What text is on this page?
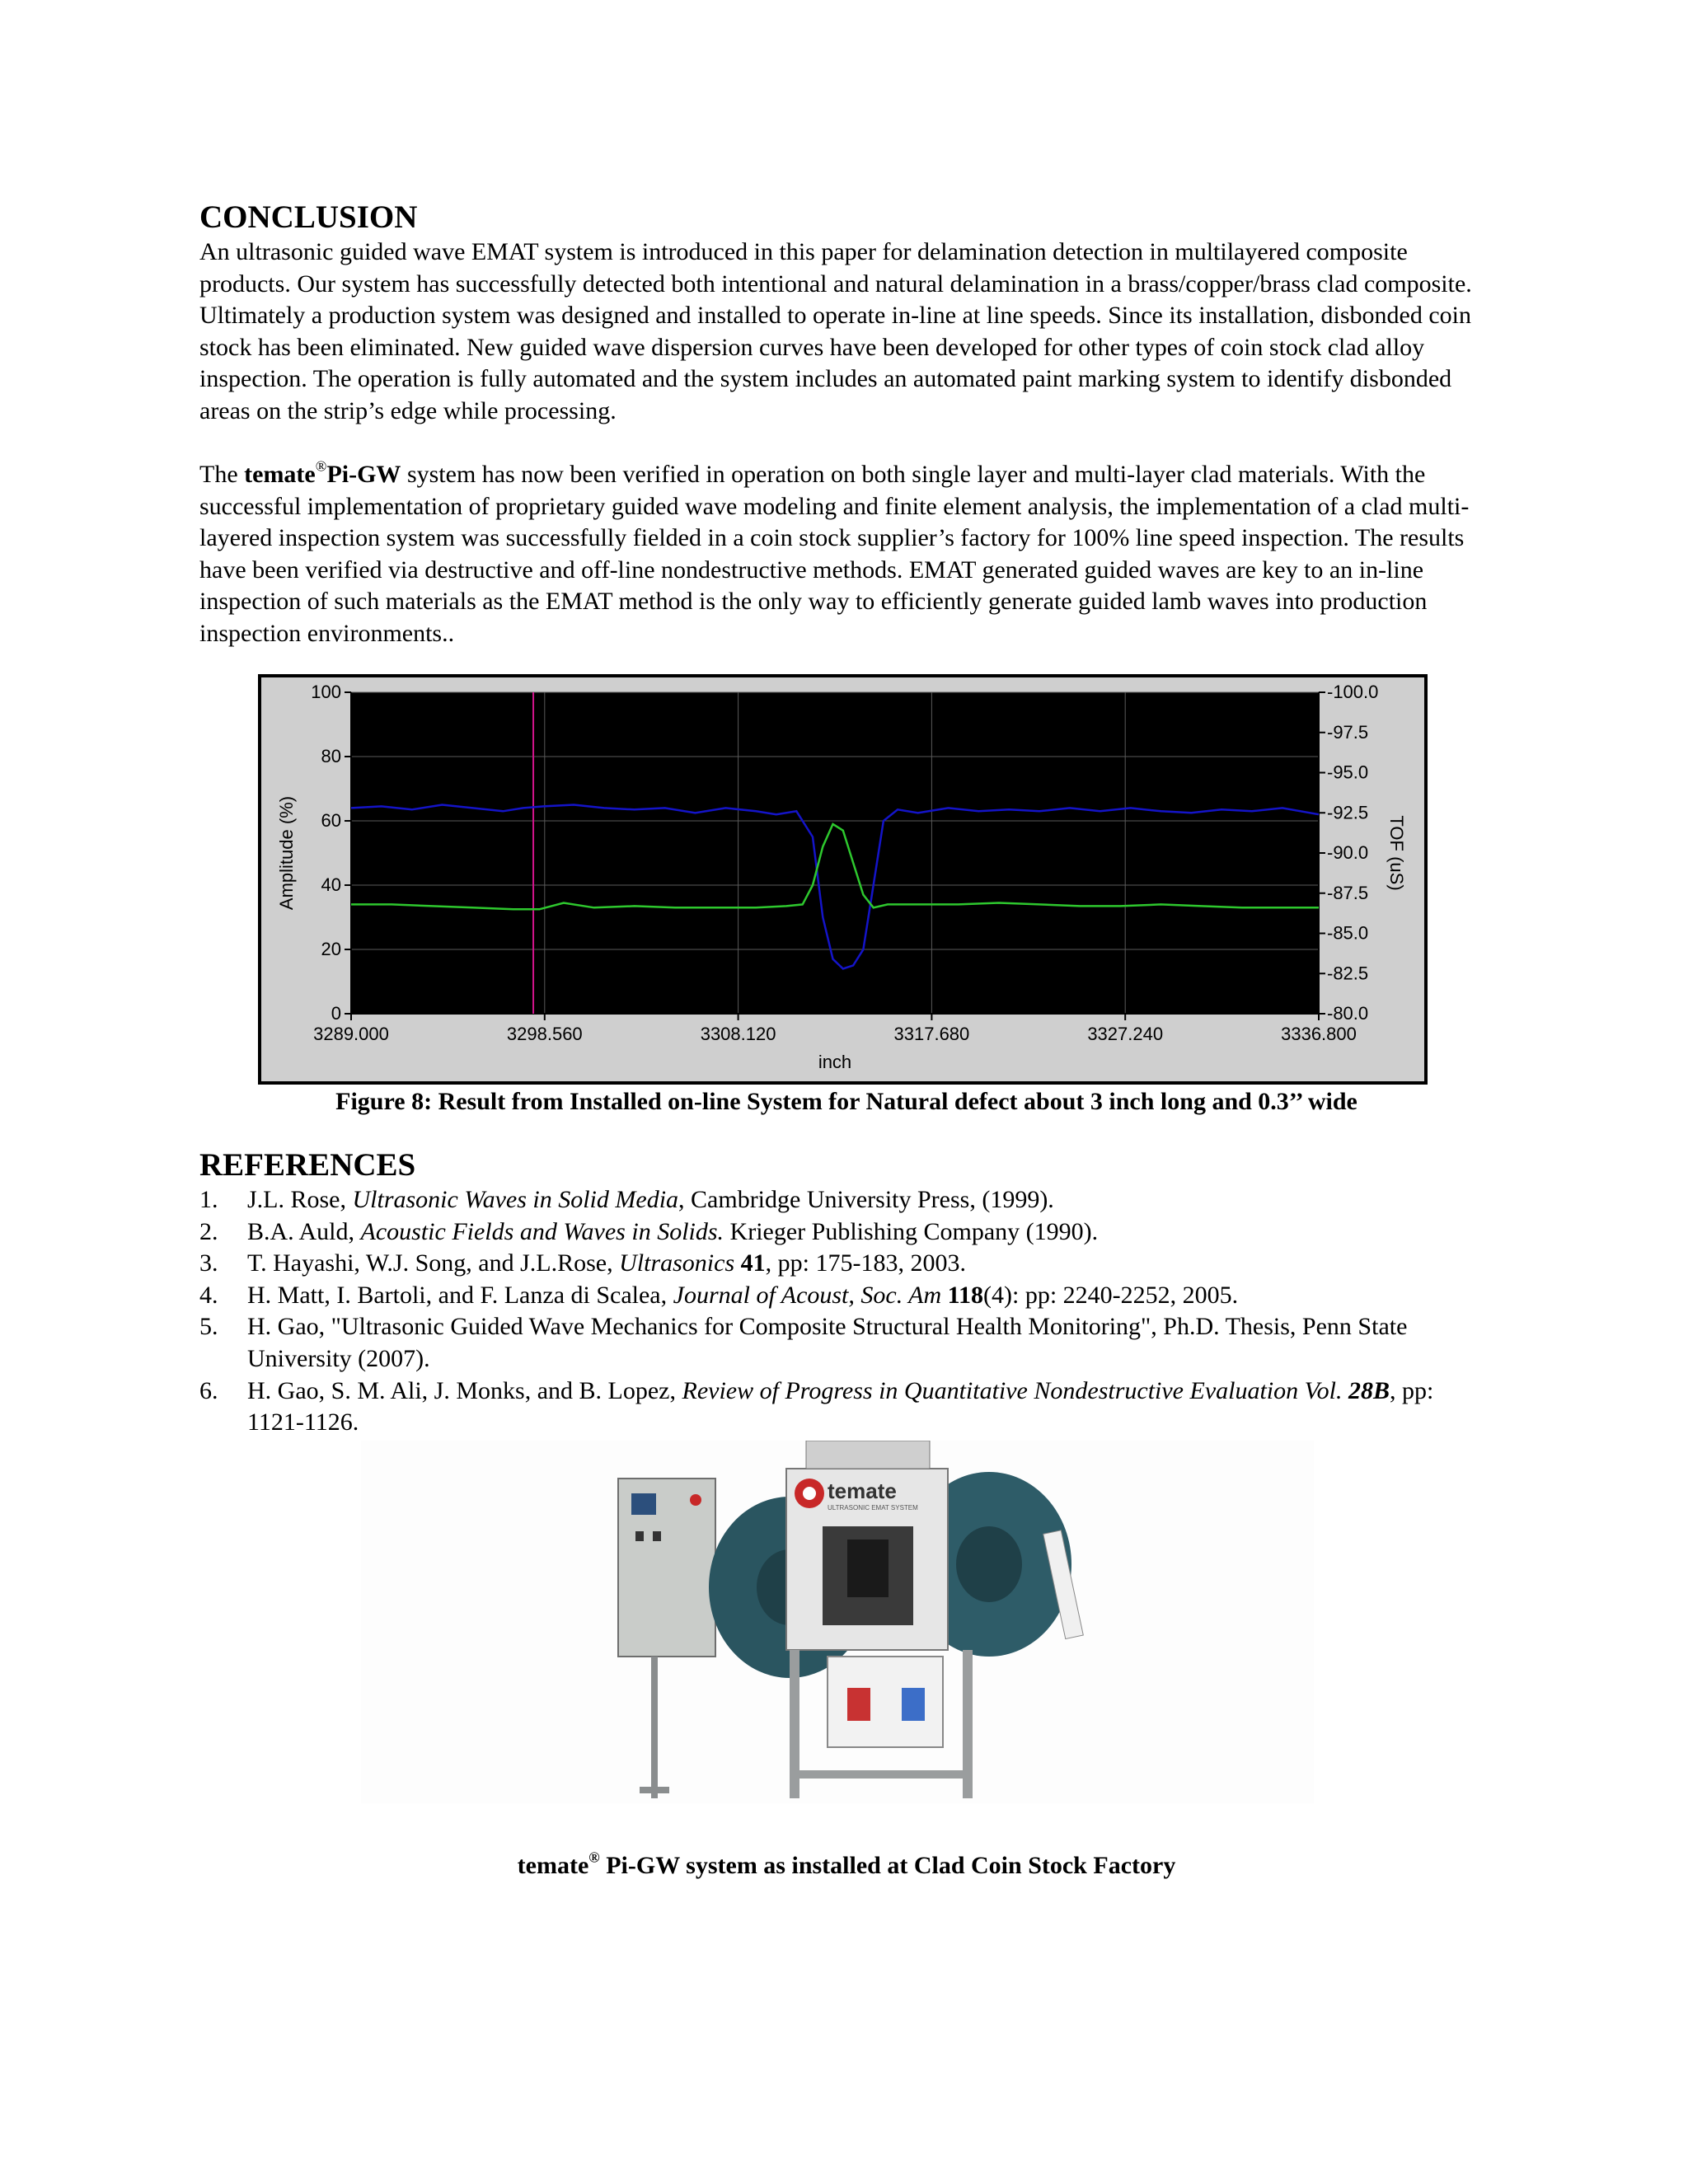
CONCLUSION

An ultrasonic guided wave EMAT system is introduced in this paper for delamination detection in multilayered composite products. Our system has successfully detected both intentional and natural delamination in a brass/copper/brass clad composite. Ultimately a production system was designed and installed to operate in-line at line speeds. Since its installation, disbonded coin stock has been eliminated. New guided wave dispersion curves have been developed for other types of coin stock clad alloy inspection. The operation is fully automated and the system includes an automated paint marking system to identify disbonded areas on the strip’s edge while processing.

The temate®Pi-GW system has now been verified in operation on both single layer and multi-layer clad materials. With the successful implementation of proprietary guided wave modeling and finite element analysis, the implementation of a clad multi-layered inspection system was successfully fielded in a coin stock supplier’s factory for 100% line speed inspection. The results have been verified via destructive and off-line nondestructive methods. EMAT generated guided waves are key to an in-line inspection of such materials as the EMAT method is the only way to efficiently generate guided lamb waves into production inspection environments..

3289.000	3298.560	3308.120	3317.680	3327.240	3336.800
0
20
40
60
80
100
-80.0
-82.5
-85.0
-87.5
-90.0
-92.5
-95.0
-97.5
-100.0
inch
Amplitude (%)	TOF (uS)
Figure 8: Result from Installed on-line System for Natural defect about 3 inch long and 0.3’’ wide
REFERENCES
1. J.L. Rose, Ultrasonic Waves in Solid Media, Cambridge University Press, (1999).
2. B.A. Auld, Acoustic Fields and Waves in Solids. Krieger Publishing Company (1990).
3. T. Hayashi, W.J. Song, and J.L.Rose, Ultrasonics 41, pp: 175-183, 2003.
4. H. Matt, I. Bartoli, and F. Lanza di Scalea, Journal of Acoust, Soc. Am 118(4): pp: 2240-2252, 2005.
5. H. Gao, "Ultrasonic Guided Wave Mechanics for Composite Structural Health Monitoring", Ph.D. Thesis, Penn State University (2007).
6. H. Gao, S. M. Ali, J. Monks, and B. Lopez, Review of Progress in Quantitative Nondestructive Evaluation Vol. 28B, pp: 1121-1126.
temate
ULTRASONIC EMAT SYSTEM
temate® Pi-GW system as installed at Clad Coin Stock Factory
